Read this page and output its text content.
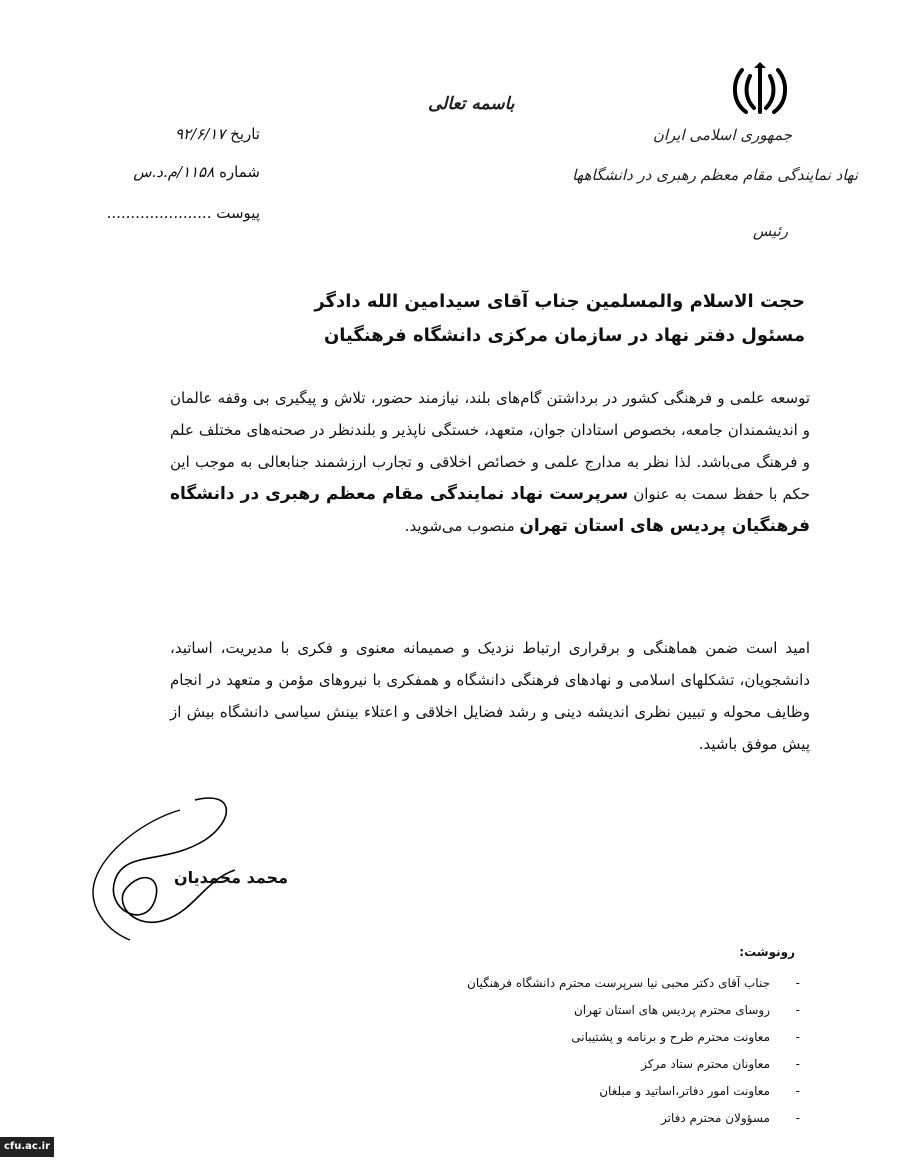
جمهوری اسلامی ایران
نهاد نمایندگی مقام معظم رهبری در دانشگاهها
رئیس
باسمه تعالی
تاریخ ۹۲/۶/۱۷
شماره ۱۱۵۸/م.د.س
پیوست ......................
حجت الاسلام والمسلمین جناب آقای سیدامین الله دادگر
مسئول دفتر نهاد در سازمان مرکزی دانشگاه فرهنگیان
توسعه علمی و فرهنگی کشور در برداشتن گام‌های بلند، نیازمند حضور، تلاش و پیگیری بی وقفه عالمان و اندیشمندان جامعه، بخصوص استادان جوان، متعهد، خستگی ناپذیر و بلندنظر در صحنه‌های مختلف علم و فرهنگ می‌باشد. لذا نظر به مدارج علمی و خصائص اخلاقی و تجارب ارزشمند جنابعالی به موجب این حکم با حفظ سمت به عنوان سرپرست نهاد نمایندگی مقام معظم رهبری در دانشگاه فرهنگیان پردیس های استان تهران منصوب می‌شوید.
امید است ضمن هماهنگی و برقراری ارتباط نزدیک و صمیمانه معنوی و فکری با مدیریت، اساتید، دانشجویان، تشکلهای اسلامی و نهادهای فرهنگی دانشگاه و همفکری با نیروهای مؤمن و متعهد در انجام وظایف محوله و تبیین نظری اندیشه دینی و رشد فضایل اخلاقی و اعتلاء بینش سیاسی دانشگاه بیش از پیش موفق باشید.
محمد محمدیان
رونوشت:
- جناب آقای دکتر محبی نیا سرپرست محترم دانشگاه فرهنگیان
- روسای محترم پردیس های استان تهران
- معاونت محترم طرح و برنامه و پشتیبانی
- معاونان محترم ستاد مرکز
- معاونت امور دفاتر،اساتید و مبلغان
- مسؤولان محترم دفاتر
cfu.ac.ir
